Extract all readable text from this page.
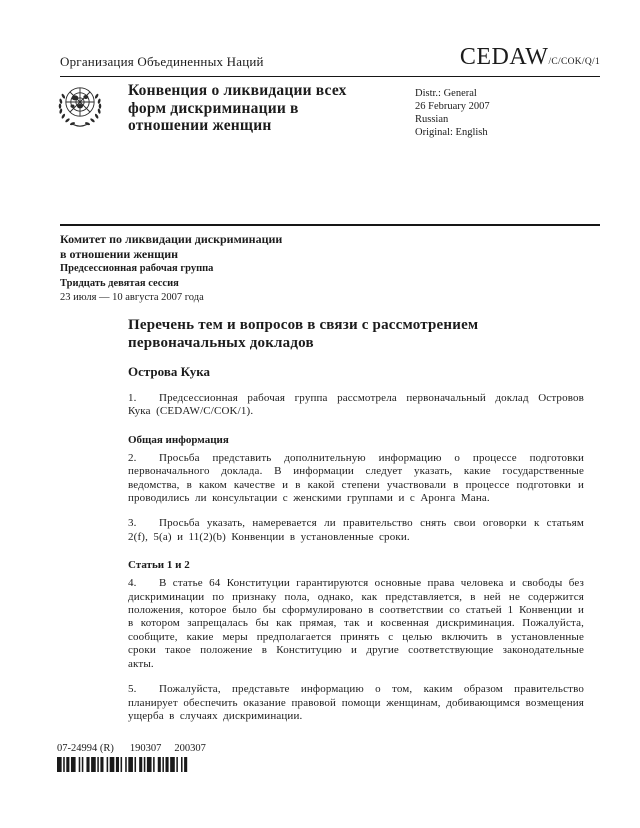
Организация Объединенных Наций	CEDAW/C/COK/Q/1
Конвенция о ликвидации всех
форм дискриминации в
отношении женщин
Distr.: General
26 February 2007
Russian
Original: English
Комитет по ликвидации дискриминации
в отношении женщин
Предсессионная рабочая группа
Тридцать девятая сессия
23 июля — 10 августа 2007 года
Перечень тем и вопросов в связи с рассмотрением первоначальных докладов
Острова Кука

1. Предсессионная рабочая группа рассмотрела первоначальный доклад Островов Кука (CEDAW/C/COK/1).

Общая информация

2. Просьба представить дополнительную информацию о процессе подготовки первоначального доклада. В информации следует указать, какие государственные ведомства, в каком качестве и в какой степени участвовали в процессе подготовки и проводились ли консультации с женскими группами и с Аронга Мана.

3. Просьба указать, намеревается ли правительство снять свои оговорки к статьям 2(f), 5(a) и 11(2)(b) Конвенции в установленные сроки.

Статьи 1 и 2

4. В статье 64 Конституции гарантируются основные права человека и свободы без дискриминации по признаку пола, однако, как представляется, в ней не содержится положения, которое было бы сформулировано в соответствии со статьей 1 Конвенции и в котором запрещалась бы как прямая, так и косвенная дискриминация. Пожалуйста, сообщите, какие меры предполагается принять с целью включить в установленные сроки такое положение в Конституцию и другие соответствующие законодательные акты.

5. Пожалуйста, представьте информацию о том, каким образом правительство планирует обеспечить оказание правовой помощи женщинам, добивающимся возмещения ущерба в случаях дискриминации.

07-24994 (R) 190307 200307
